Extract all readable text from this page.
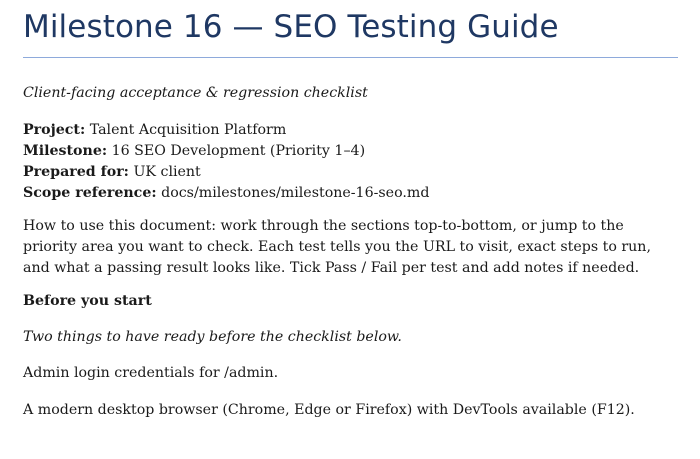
Milestone 16 — SEO Testing Guide
Client-facing acceptance & regression checklist
Project: Talent Acquisition Platform
Milestone: 16 SEO Development (Priority 1–4)
Prepared for: UK client
Scope reference: docs/milestones/milestone-16-seo.md

How to use this document: work through the sections top-to-bottom, or jump to the priority area you want to check. Each test tells you the URL to visit, exact steps to run, and what a passing result looks like. Tick Pass / Fail per test and add notes if needed.

Before you start
Two things to have ready before the checklist below.
Admin login credentials for /admin.
A modern desktop browser (Chrome, Edge or Firefox) with DevTools available (F12).
